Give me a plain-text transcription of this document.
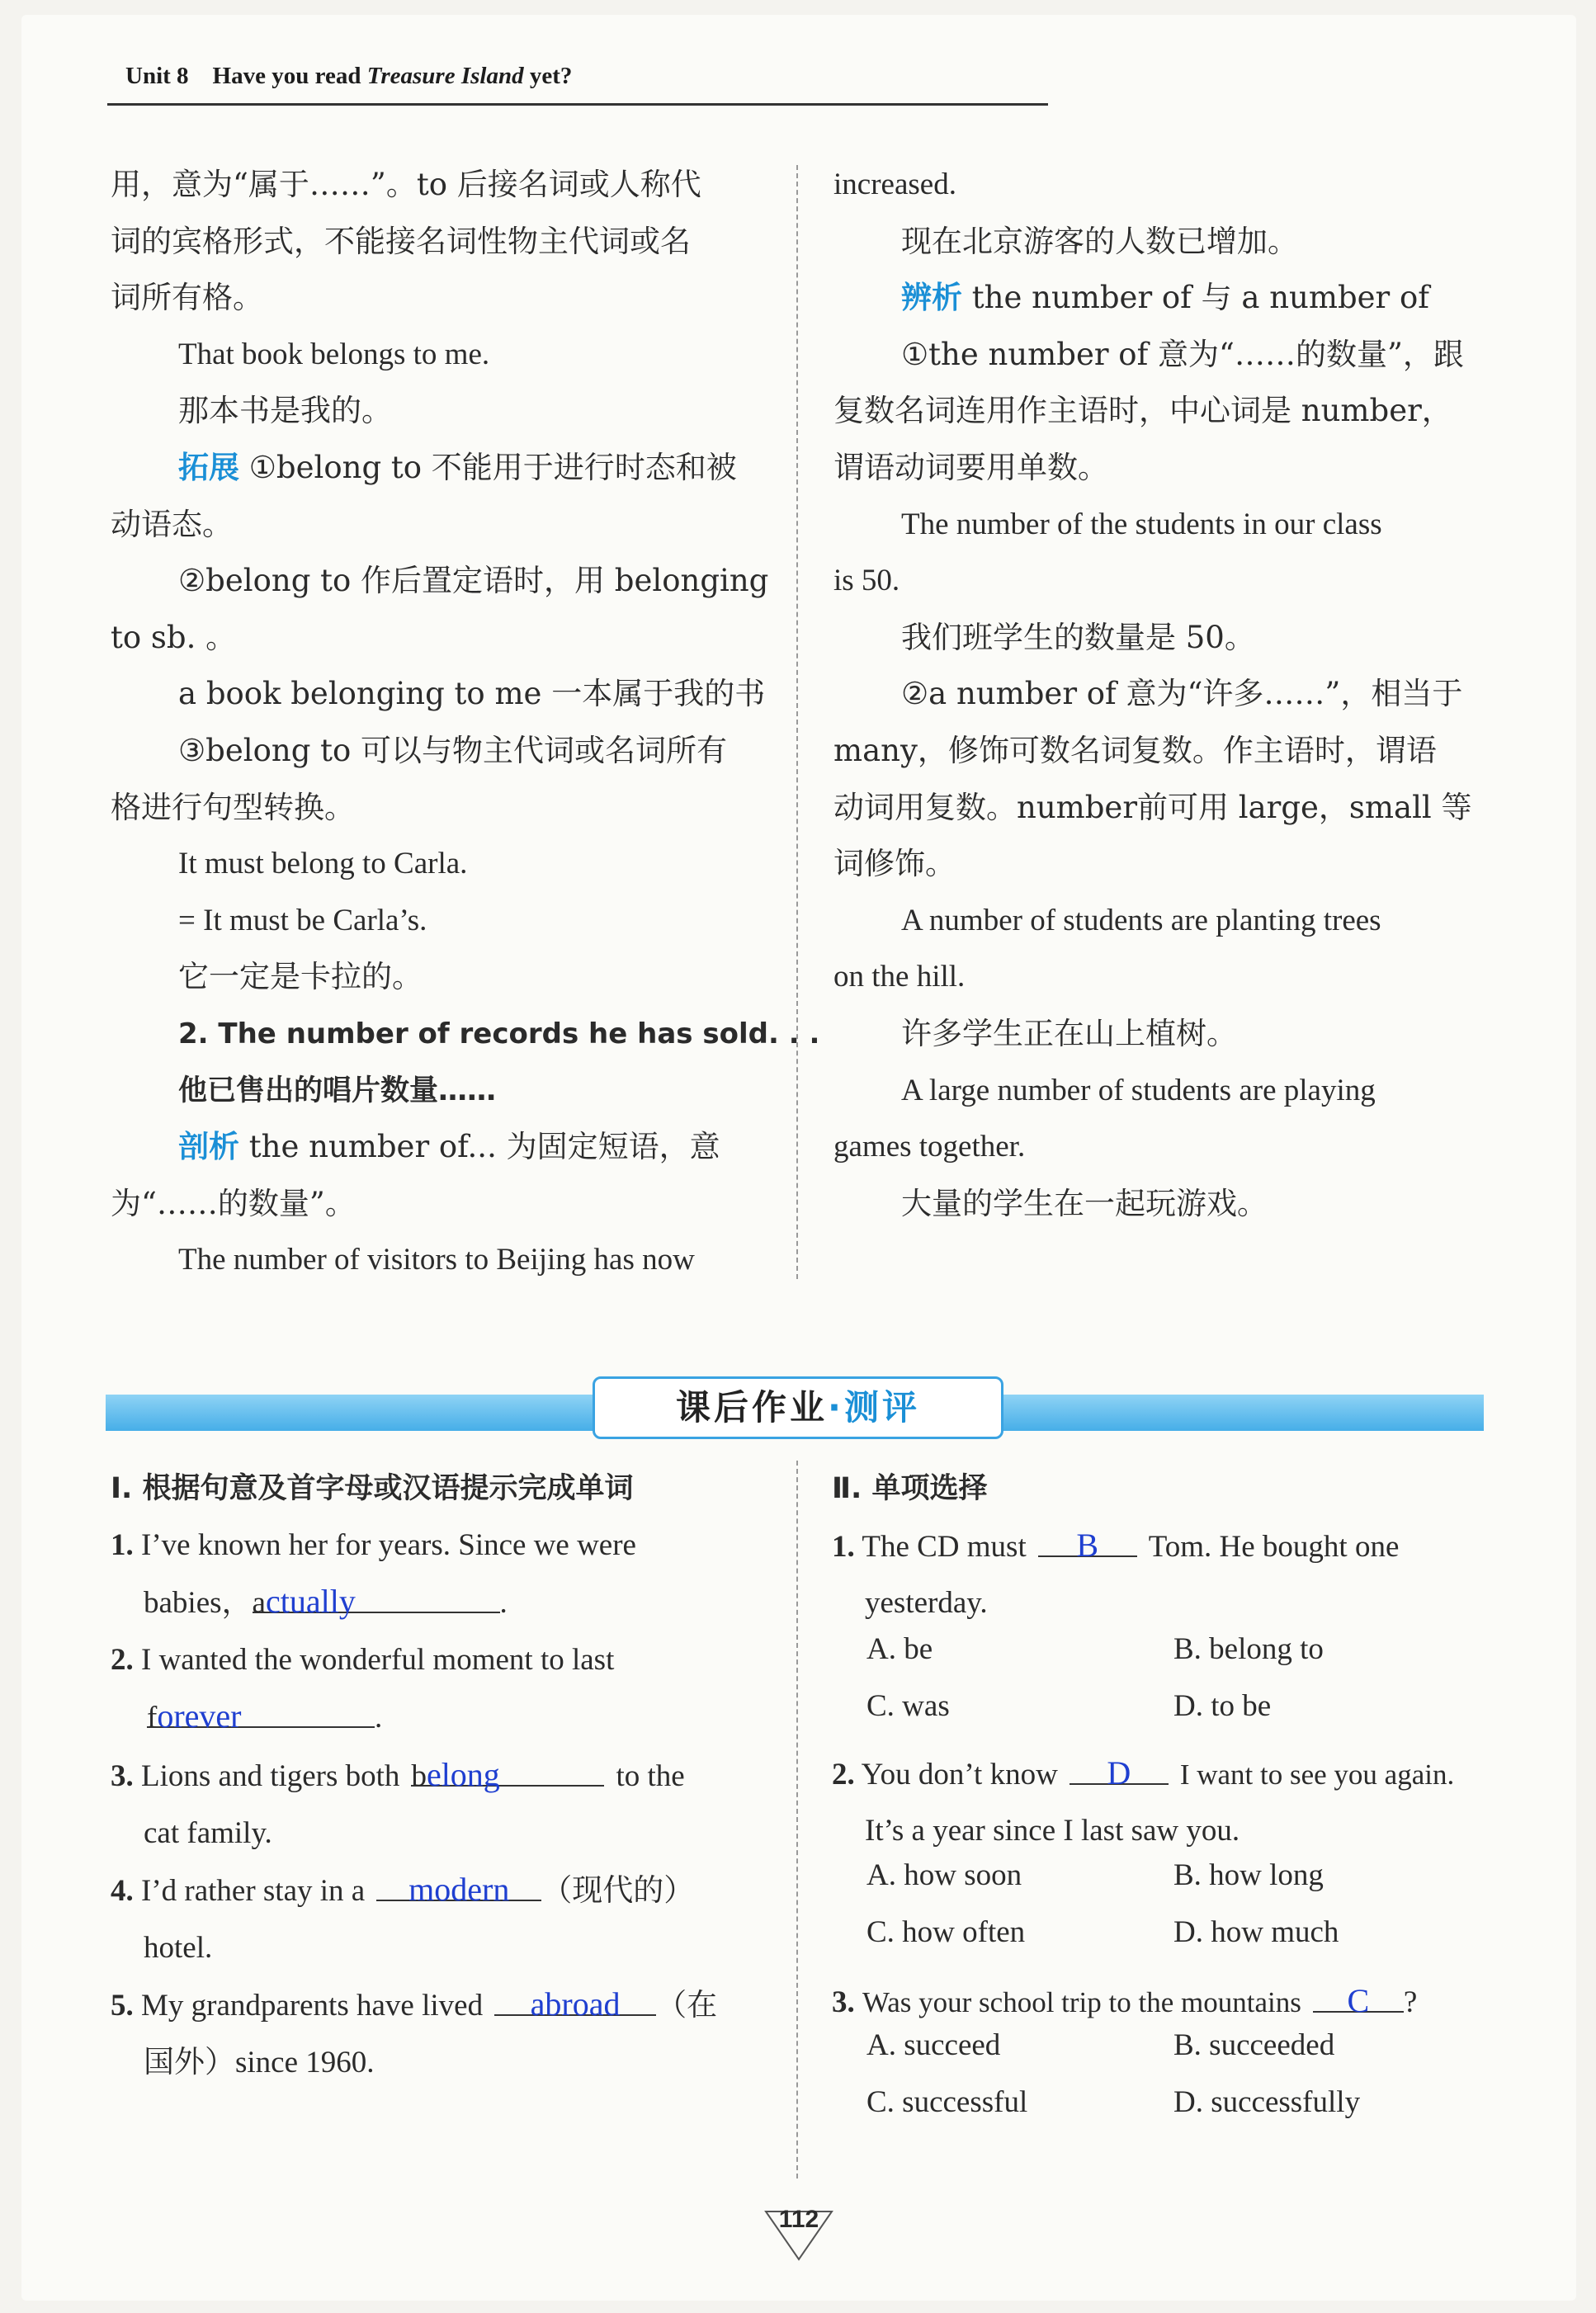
Unit 8 Have you read Treasure Island yet?

用，意为“属于……”。to 后接名词或人称代

词的宾格形式，不能接名词性物主代词或名

词所有格。

That book belongs to me.

那本书是我的。

拓展 ①belong to 不能用于进行时态和被

动语态。

②belong to 作后置定语时，用 belonging

to sb. 。

a book belonging to me 一本属于我的书

③belong to 可以与物主代词或名词所有

格进行句型转换。

It must belong to Carla.

= It must be Carla’s.

它一定是卡拉的。

2. The number of records he has sold. . .

他已售出的唱片数量……

剖析 the number of... 为固定短语，意

为“……的数量”。

The number of visitors to Beijing has now

increased.

现在北京游客的人数已增加。

辨析 the number of 与 a number of

①the number of 意为“……的数量”，跟

复数名词连用作主语时，中心词是 number，

谓语动词要用单数。

The number of the students in our class

is 50.

我们班学生的数量是 50。

②a number of 意为“许多……”，相当于

many，修饰可数名词复数。作主语时，谓语

动词用复数。number前可用 large，small 等

词修饰。

A number of students are planting trees

on the hill.

许多学生正在山上植树。

A large number of students are playing

games together.

大量的学生在一起玩游戏。

课后作业·测评

Ⅰ. 根据句意及首字母或汉语提示完成单词

1. I’ve known her for years. Since we were

babies，actually	.

2. I wanted the wonderful moment to last

forever	.

3. Lions and tigers both belong	to the

cat family.

4. I’d rather stay in a modern （现代的）

hotel.

5. My grandparents have lived abroad （在

国外）since 1960.

Ⅱ. 单项选择

1. The CD must B Tom. He bought one

yesterday.

2. You don’t know D I want to see you again.

It’s a year since I last saw you.

3. Was your school trip to the mountains C ?

A. be	B. belong to
C. was	D. to be
A. how soon	B. how long
C. how often	D. how much
A. succeed	B. succeeded
C. successful	D. successfully
112
